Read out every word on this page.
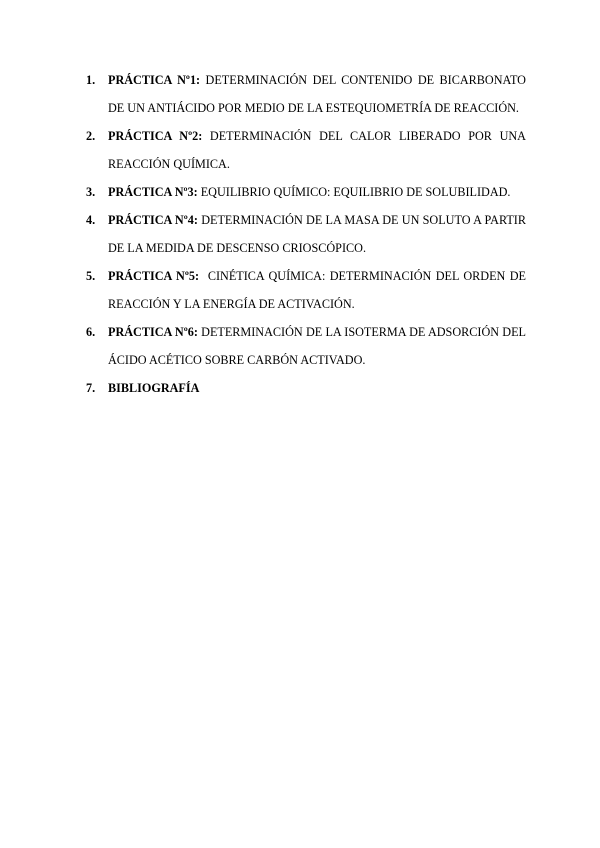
1.	PRÁCTICA Nº1: DETERMINACIÓN DEL CONTENIDO DE BICARBONATO DE UN ANTIÁCIDO POR MEDIO DE LA ESTEQUIOMETRÍA DE REACCIÓN.
2.	PRÁCTICA Nº2: DETERMINACIÓN DEL CALOR LIBERADO POR UNA REACCIÓN QUÍMICA.
3.	PRÁCTICA Nº3: EQUILIBRIO QUÍMICO: EQUILIBRIO DE SOLUBILIDAD.
4.	PRÁCTICA Nº4: DETERMINACIÓN DE LA MASA DE UN SOLUTO A PARTIR DE LA MEDIDA DE DESCENSO CRIOSCÓPICO.
5.	PRÁCTICA Nº5:  CINÉTICA QUÍMICA: DETERMINACIÓN DEL ORDEN DE REACCIÓN Y LA ENERGÍA DE ACTIVACIÓN.
6.	PRÁCTICA Nº6: DETERMINACIÓN DE LA ISOTERMA DE ADSORCIÓN DEL ÁCIDO ACÉTICO SOBRE CARBÓN ACTIVADO.
7.	BIBLIOGRAFÍA
